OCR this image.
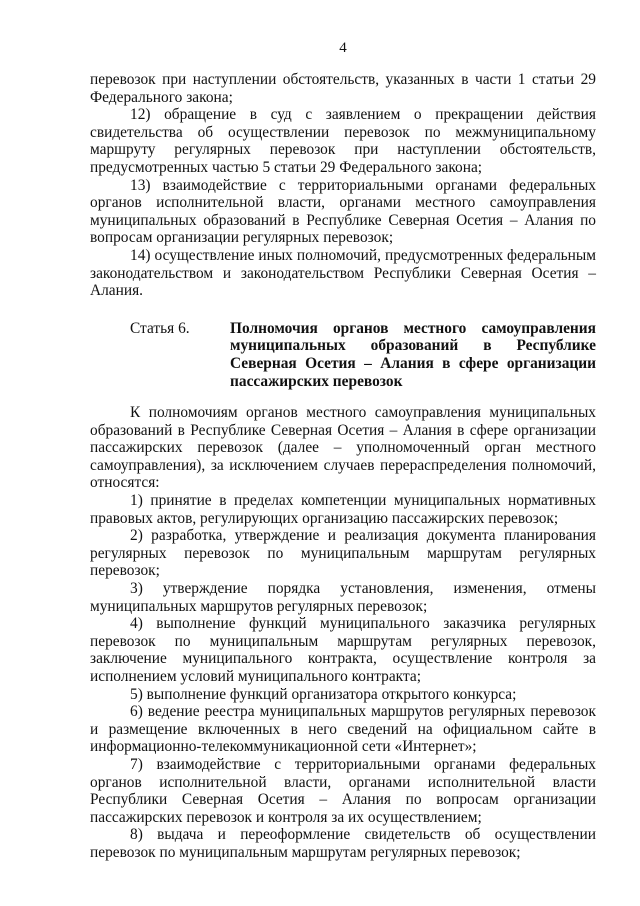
4

перевозок при наступлении обстоятельств, указанных в части 1 статьи 29 Федерального закона;

12) обращение в суд с заявлением о прекращении действия свидетельства об осуществлении перевозок по межмуниципальному маршруту регулярных перевозок при наступлении обстоятельств, предусмотренных частью 5 статьи 29 Федерального закона;

13) взаимодействие с территориальными органами федеральных органов исполнительной власти, органами местного самоуправления муниципальных образований в Республике Северная Осетия – Алания по вопросам организации регулярных перевозок;

14) осуществление иных полномочий, предусмотренных федеральным законодательством и законодательством Республики Северная Осетия – Алания.

Статья 6.	Полномочия органов местного самоуправления муниципальных образований в Республике Северная Осетия – Алания в сфере организации пассажирских перевозок

К полномочиям органов местного самоуправления муниципальных образований в Республике Северная Осетия – Алания в сфере организации пассажирских перевозок (далее – уполномоченный орган местного самоуправления), за исключением случаев перераспределения полномочий, относятся:

1) принятие в пределах компетенции муниципальных нормативных правовых актов, регулирующих организацию пассажирских перевозок;

2) разработка, утверждение и реализация документа планирования регулярных перевозок по муниципальным маршрутам регулярных перевозок;

3) утверждение порядка установления, изменения, отмены муниципальных маршрутов регулярных перевозок;

4) выполнение функций муниципального заказчика регулярных перевозок по муниципальным маршрутам регулярных перевозок, заключение муниципального контракта, осуществление контроля за исполнением условий муниципального контракта;

5) выполнение функций организатора открытого конкурса;

6) ведение реестра муниципальных маршрутов регулярных перевозок и размещение включенных в него сведений на официальном сайте в информационно-телекоммуникационной сети «Интернет»;

7) взаимодействие с территориальными органами федеральных органов исполнительной власти, органами исполнительной власти Республики Северная Осетия – Алания по вопросам организации пассажирских перевозок и контроля за их осуществлением;

8) выдача и переоформление свидетельств об осуществлении перевозок по муниципальным маршрутам регулярных перевозок;
